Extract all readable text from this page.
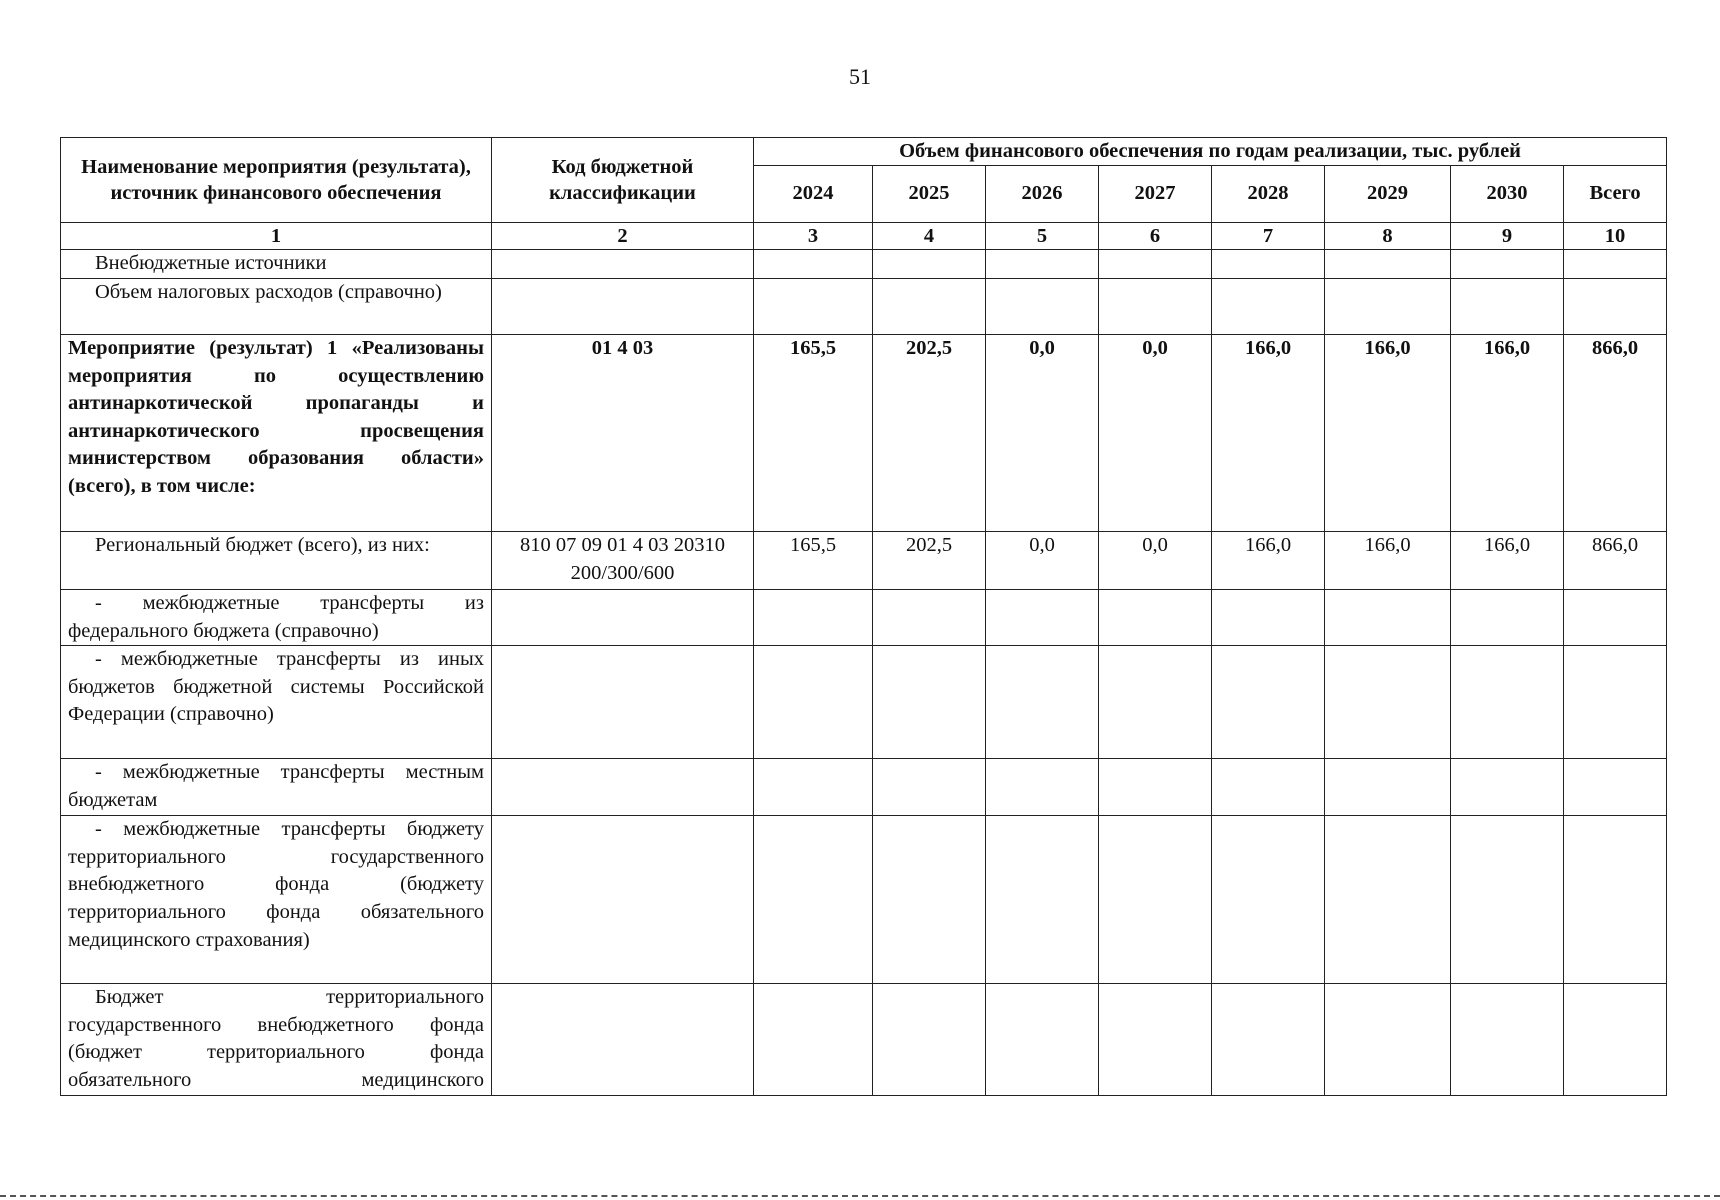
51
Наименование мероприятия (результата), источник финансового обеспечения	Код бюджетной классификации	Объем финансового обеспечения по годам реализации, тыс. рублей							
		2024	2025	2026	2027	2028	2029	2030	Всего
1	2	3	4	5	6	7	8	9	10
Внебюджетные источники									
Объем налоговых расходов (справочно)									
Мероприятие (результат) 1 «Реализованы мероприятия по осуществлению антинаркотической пропаганды и антинаркотического просвещения министерством образования области» (всего), в том числе:	01 4 03	165,5	202,5	0,0	0,0	166,0	166,0	166,0	866,0
Региональный бюджет (всего), из них:	810 07 09 01 4 03 20310 200/300/600	165,5	202,5	0,0	0,0	166,0	166,0	166,0	866,0
- межбюджетные трансферты из федерального бюджета (справочно)									
- межбюджетные трансферты из иных бюджетов бюджетной системы Российской Федерации (справочно)									
- межбюджетные трансферты местным бюджетам									
- межбюджетные трансферты бюджету территориального государственного внебюджетного фонда (бюджету территориального фонда обязательного медицинского страхования)									
Бюджет территориального государственного внебюджетного фонда (бюджет территориального фонда обязательного медицинского									
